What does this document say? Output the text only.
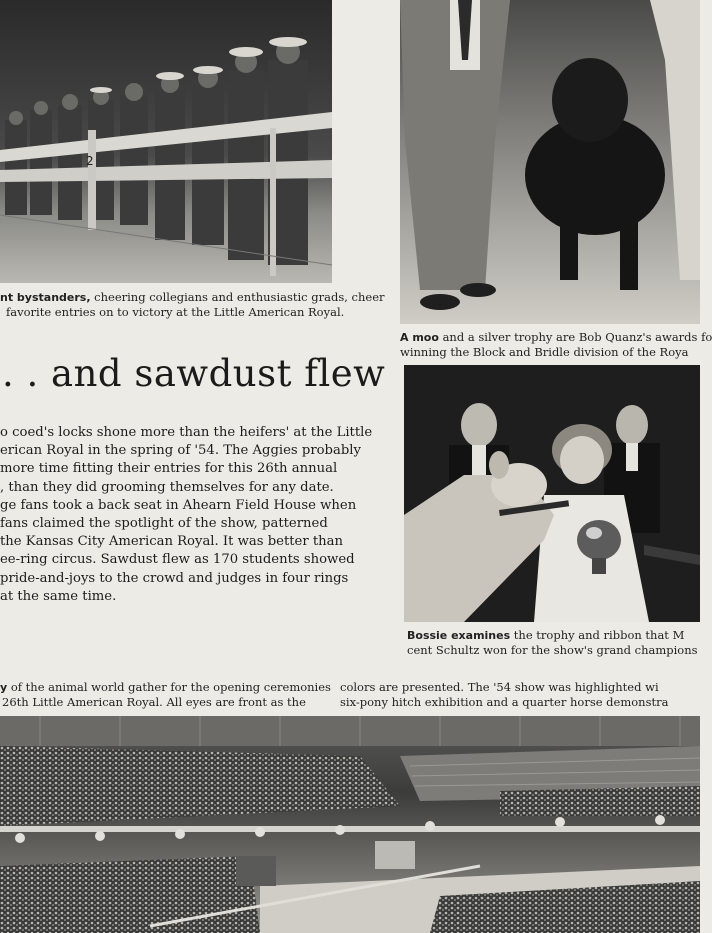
2
nt bystanders, cheering collegians and enthusiastic grads, cheer
favorite entries on to victory at the Little American Royal.
A moo and a silver trophy are Bob Quanz's awards fo
winning the Block and Bridle division of the Roya
. . and sawdust flew
o coed's locks shone more than the heifers' at the Little
erican Royal in the spring of '54. The Aggies probably
more time fitting their entries for this 26th annual
, than they did grooming themselves for any date.
ge fans took a back seat in Ahearn Field House when
fans claimed the spotlight of the show, patterned
the Kansas City American Royal. It was better than
ee-ring circus. Sawdust flew as 170 students showed
pride-and-joys to the crowd and judges in four rings
at the same time.
Bossie examines the trophy and ribbon that M
cent Schultz won for the show's grand champions
y of the animal world gather for the opening ceremonies
26th Little American Royal. All eyes are front as the
colors are presented. The '54 show was highlighted wi
six-pony hitch exhibition and a quarter horse demonstra
